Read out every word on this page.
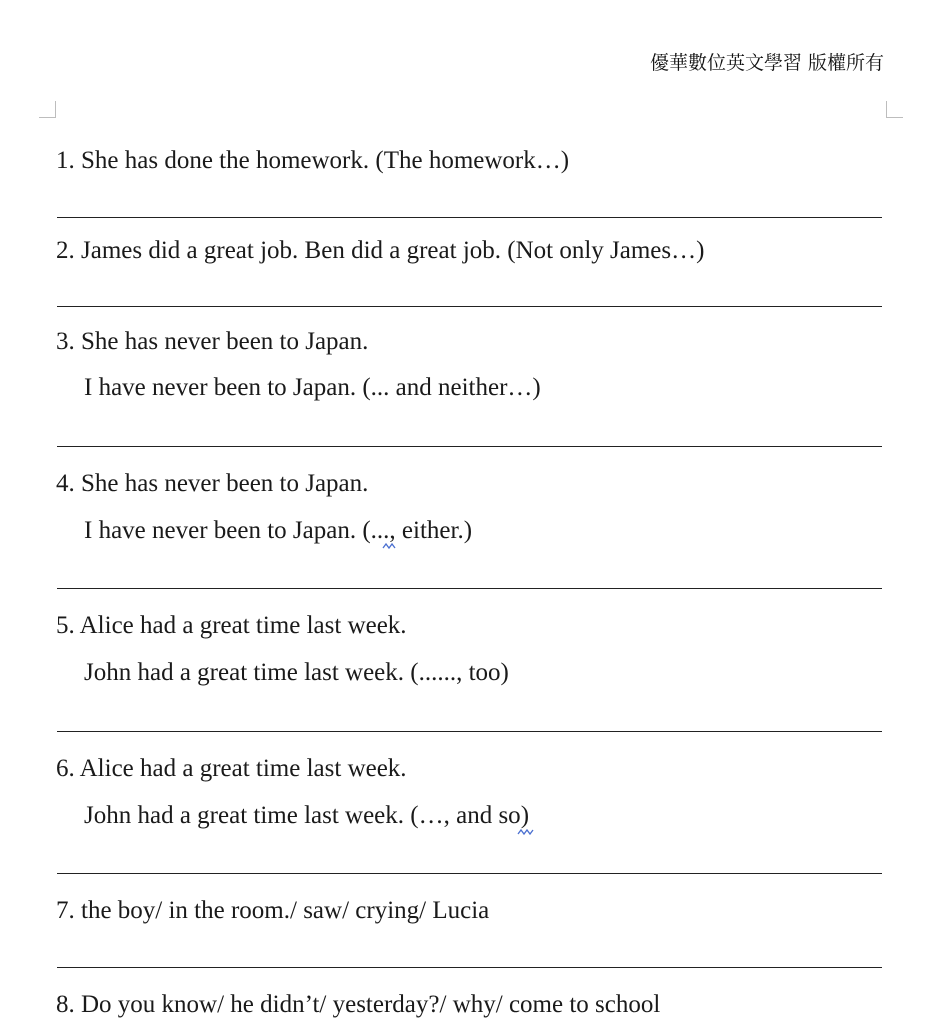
優華數位英文學習 版權所有
1. She has done the homework. (The homework…)
2. James did a great job. Ben did a great job. (Not only James…)
3. She has never been to Japan.
I have never been to Japan. (... and neither…)
4. She has never been to Japan.
I have never been to Japan. (...,
either.)
5. Alice had a great time last week.
John had a great time last week. (......, too)
6. Alice had a great time last week.
John had a great time last week. (…, and so
)
7. the boy/ in the room./ saw/ crying/ Lucia
8. Do you know/ he didn’t/ yesterday?/ why/ come to school
